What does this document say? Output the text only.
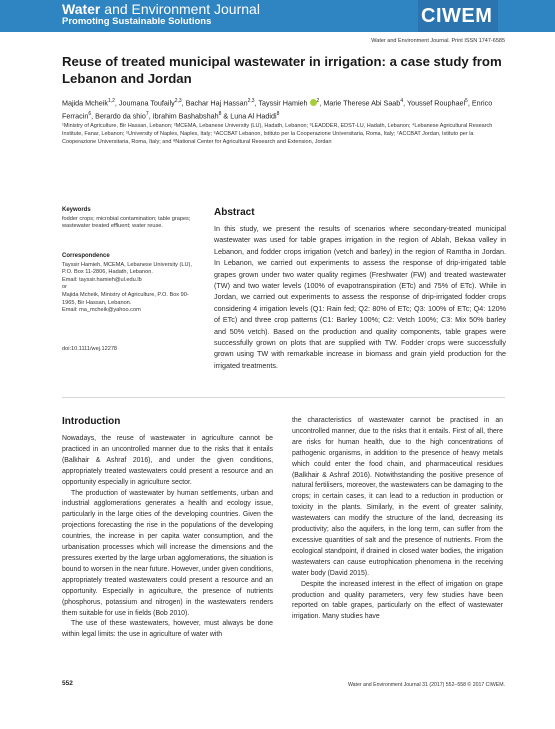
Water and Environment Journal
Promoting Sustainable Solutions	CIWEM
Water and Environment Journal. Print ISSN 1747-6585
Reuse of treated municipal wastewater in irrigation: a case study from Lebanon and Jordan
Majida Mcheik$^{1,2}$, Joumana Toufaily$^{2,3}$, Bachar Haj Hassan$^{2,3}$, Tayssir Hamieh $^2$, Marie Therese Abi Saab$^4$, Youssef Rouphael$^5$, Enrico Ferracin$^6$, Berardo da shio$^7$, Ibrahim Bashabshah$^8$ & Luna Al Hadidi$^8$
¹Ministry of Agriculture, Bir Hassan, Lebanon; ²MCEMA, Lebanese University (LU), Hadath, Lebanon; ³LEADDER, EDST-LU, Hadath, Lebanon; ⁴Lebanese Agricultural Research Institute, Fanar, Lebanon; ⁵University of Naples, Naples, Italy; ⁶ACCBAT Lebanon, Istituto per la Cooperazione Universitaria, Roma, Italy; ⁷ACCBAT Jordan, Istituto per la Cooperazione Universitaria, Roma, Italy; and ⁸National Center for Agricultural Research and Extension, Jordan
Keywords
fodder crops; microbial contamination; table grapes; wastewater treated effluent; water reuse.
Correspondence
Tayssir Hamieh, MCEMA, Lebanese University (LU), P.O. Box 11-2806, Hadath, Lebanon.
Email: tayssir.hamieh@ul.edu.lb
or
Majida Mcheik, Ministry of Agriculture, P.O. Box 90-1965, Bir Hassan, Lebanon.
Email: ma_mcheik@yahoo.com
doi:10.1111/wej.12278
Abstract
In this study, we present the results of scenarios where secondary-treated municipal wastewater was used for table grapes irrigation in the region of Ablah, Bekaa valley in Lebanon, and fodder crops irrigation (vetch and barley) in the region of Ramtha in Jordan. In Lebanon, we carried out experiments to assess the response of drip-irrigated table grapes grown under two water quality regimes (Freshwater (FW) and treated wastewater (TW) and two water levels (100% of evapotranspiration (ETc) and 75% of ETc). While in Jordan, we carried out experiments to assess the response of drip-irrigated fodder crops considering 4 irrigation levels (Q1: Rain fed; Q2: 80% of ETc; Q3: 100% of ETc; Q4: 120% of ETc) and three crop patterns (C1: Barley 100%; C2: Vetch 100%; C3: Mix 50% barley and 50% vetch). Based on the production and quality components, table grapes were successfully grown on plots that are supplied with TW. Fodder crops were successfully grown using TW with remarkable increase in biomass and grain yield production for the irrigated treatments.
Introduction

Nowadays, the reuse of wastewater in agriculture cannot be practiced in an uncontrolled manner due to the risks that it entails (Balkhair & Ashraf 2016), and under the given conditions, appropriately treated wastewaters could present a resource and an opportunity especially in agriculture sector.

The production of wastewater by human settlements, urban and industrial agglomerations generates a health and ecology issue, particularly in the large cities of the developing countries. Given the projections forecasting the rise in the populations of the developing countries, the increase in per capita water consumption, and the urbanisation processes which will increase the dimensions and the pressures exerted by the large urban agglomerations, the situation is bound to worsen in the near future. However, under given conditions, appropriately treated wastewaters could present a resource and an opportunity. Especially in agriculture, the presence of nutrients (phosphorus, potassium and nitrogen) in the wastewaters renders them suitable for use in fields (Bob 2010).

The use of these wastewaters, however, must always be done within legal limits: the use in agriculture of water with

the characteristics of wastewater cannot be practised in an uncontrolled manner, due to the risks that it entails. First of all, there are risks for human health, due to the high concentrations of pathogenic organisms, in addition to the presence of heavy metals which could enter the food chain, and pharmaceutical residues (Balkhair & Ashraf 2016). Notwithstanding the positive presence of natural fertilisers, moreover, the wastewaters can be damaging to the crops; in certain cases, it can lead to a reduction in production or toxicity in the plants. Similarly, in the event of greater salinity, wastewaters can modify the structure of the land, decreasing its productivity; also the aquifers, in the long term, can suffer from the excessive quantities of salt and the presence of nutrients. From the ecological standpoint, if drained in closed water bodies, the irrigation wastewaters can cause eutrophication phenomena in the receiving water body (David 2015).

Despite the increased interest in the effect of irrigation on grape production and quality parameters, very few studies have been reported on table grapes, particularly on the effect of wastewater irrigation. Many studies have

552	Water and Environment Journal 31 (2017) 552–558 © 2017 CIWEM.
